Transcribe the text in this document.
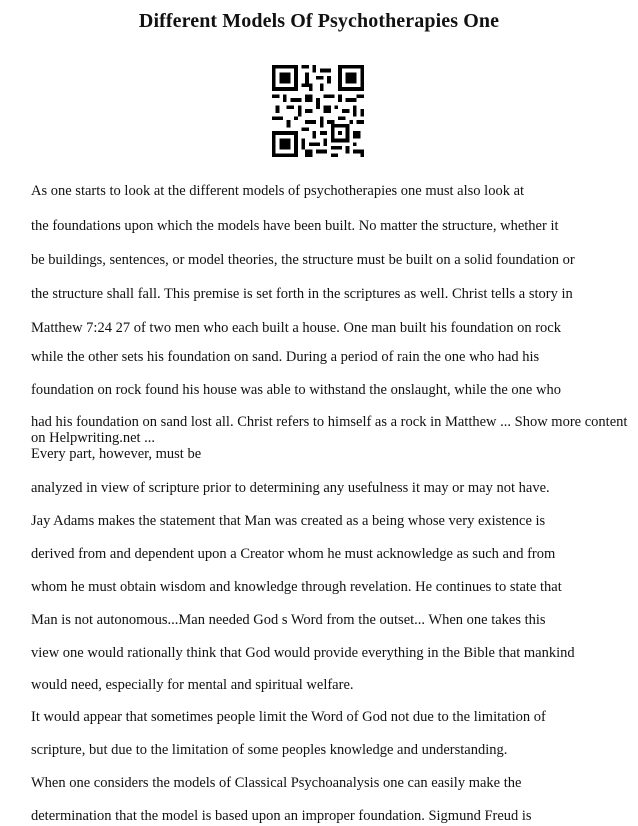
Different Models Of Psychotherapies One
As one starts to look at the different models of psychotherapies one must also look at
the foundations upon which the models have been built. No matter the structure, whether it
be buildings, sentences, or model theories, the structure must be built on a solid foundation or
the structure shall fall. This premise is set forth in the scriptures as well. Christ tells a story in
Matthew 7:24 27 of two men who each built a house. One man built his foundation on rock
while the other sets his foundation on sand. During a period of rain the one who had his
foundation on rock found his house was able to withstand the onslaught, while the one who
had his foundation on sand lost all. Christ refers to himself as a rock in Matthew ... Show more content
on Helpwriting.net ...
Every part, however, must be
analyzed in view of scripture prior to determining any usefulness it may or may not have.
Jay Adams makes the statement that Man was created as a being whose very existence is
derived from and dependent upon a Creator whom he must acknowledge as such and from
whom he must obtain wisdom and knowledge through revelation. He continues to state that
Man is not autonomous...Man needed God s Word from the outset... When one takes this
view one would rationally think that God would provide everything in the Bible that mankind
would need, especially for mental and spiritual welfare.
It would appear that sometimes people limit the Word of God not due to the limitation of
scripture, but due to the limitation of some peoples knowledge and understanding.
When one considers the models of Classical Psychoanalysis one can easily make the
determination that the model is based upon an improper foundation. Sigmund Freud is
